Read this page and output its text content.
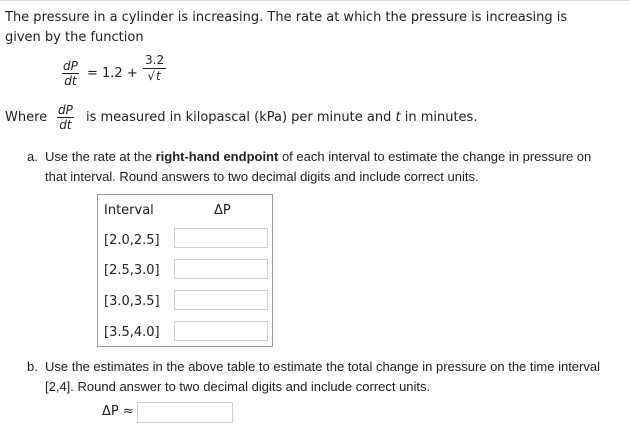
The pressure in a cylinder is increasing. The rate at which the pressure is increasing is
given by the function
$\frac{dP}{dt} = 1.2 + \frac{3.2}{√t}$
Where $\frac{dP}{dt}$ is measured in kilopascal (kPa) per minute and t in minutes.
a. Use the rate at the right-hand endpoint of each interval to estimate the change in pressure on
that interval. Round answers to two decimal digits and include correct units.
Interval	ΔP
[2.0,2.5]
[2.5,3.0]
[3.0,3.5]
[3.5,4.0]
b. Use the estimates in the above table to estimate the total change in pressure on the time interval
[2,4]. Round answer to two decimal digits and include correct units.
ΔP ≈
